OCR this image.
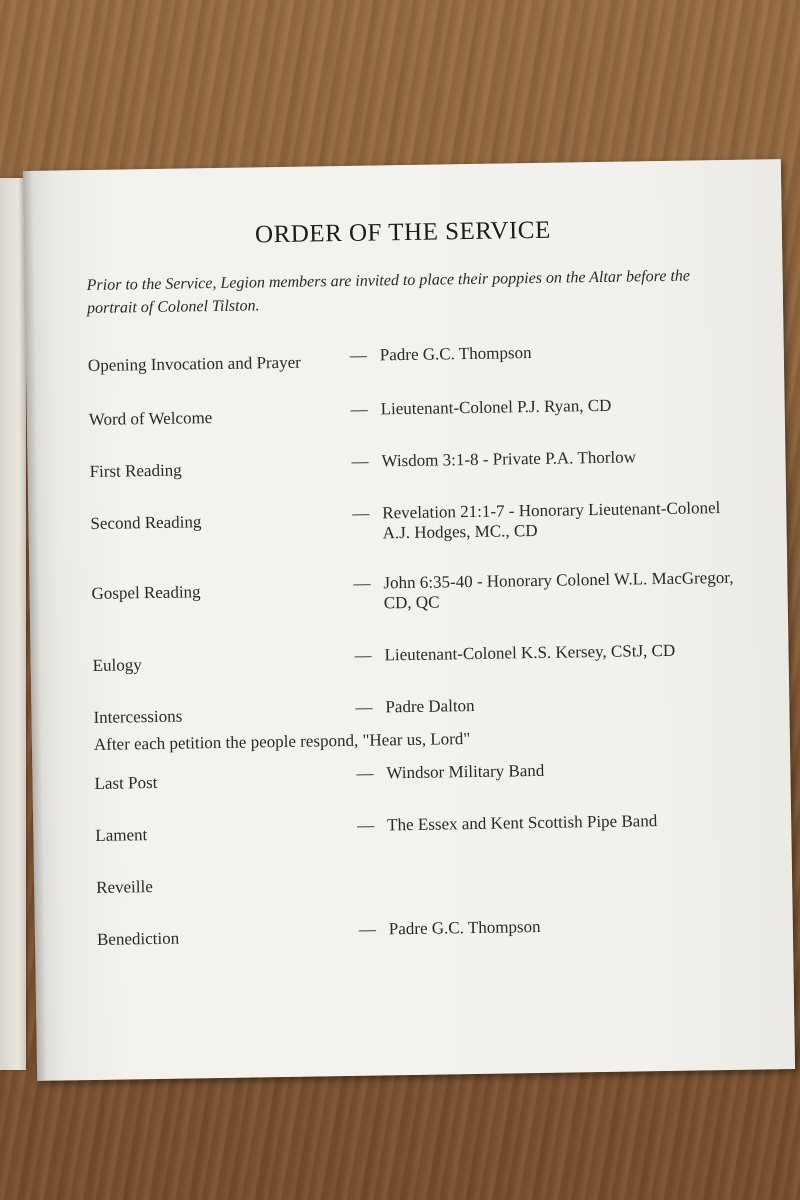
ORDER OF THE SERVICE
Prior to the Service, Legion members are invited to place their poppies on the Altar before the portrait of Colonel Tilston.
Opening Invocation and Prayer	— Padre G.C. Thompson
Word of Welcome	— Lieutenant-Colonel P.J. Ryan, CD
First Reading	— Wisdom 3:1-8 - Private P.A. Thorlow
Second Reading	— Revelation 21:1-7 - Honorary Lieutenant-Colonel A.J. Hodges, MC., CD
Gospel Reading	— John 6:35-40 - Honorary Colonel W.L. MacGregor, CD, QC
Eulogy	— Lieutenant-Colonel K.S. Kersey, CStJ, CD
Intercessions	— Padre Dalton
After each petition the people respond, "Hear us, Lord"
Last Post	— Windsor Military Band
Lament	— The Essex and Kent Scottish Pipe Band
Reveille
Benediction	— Padre G.C. Thompson
